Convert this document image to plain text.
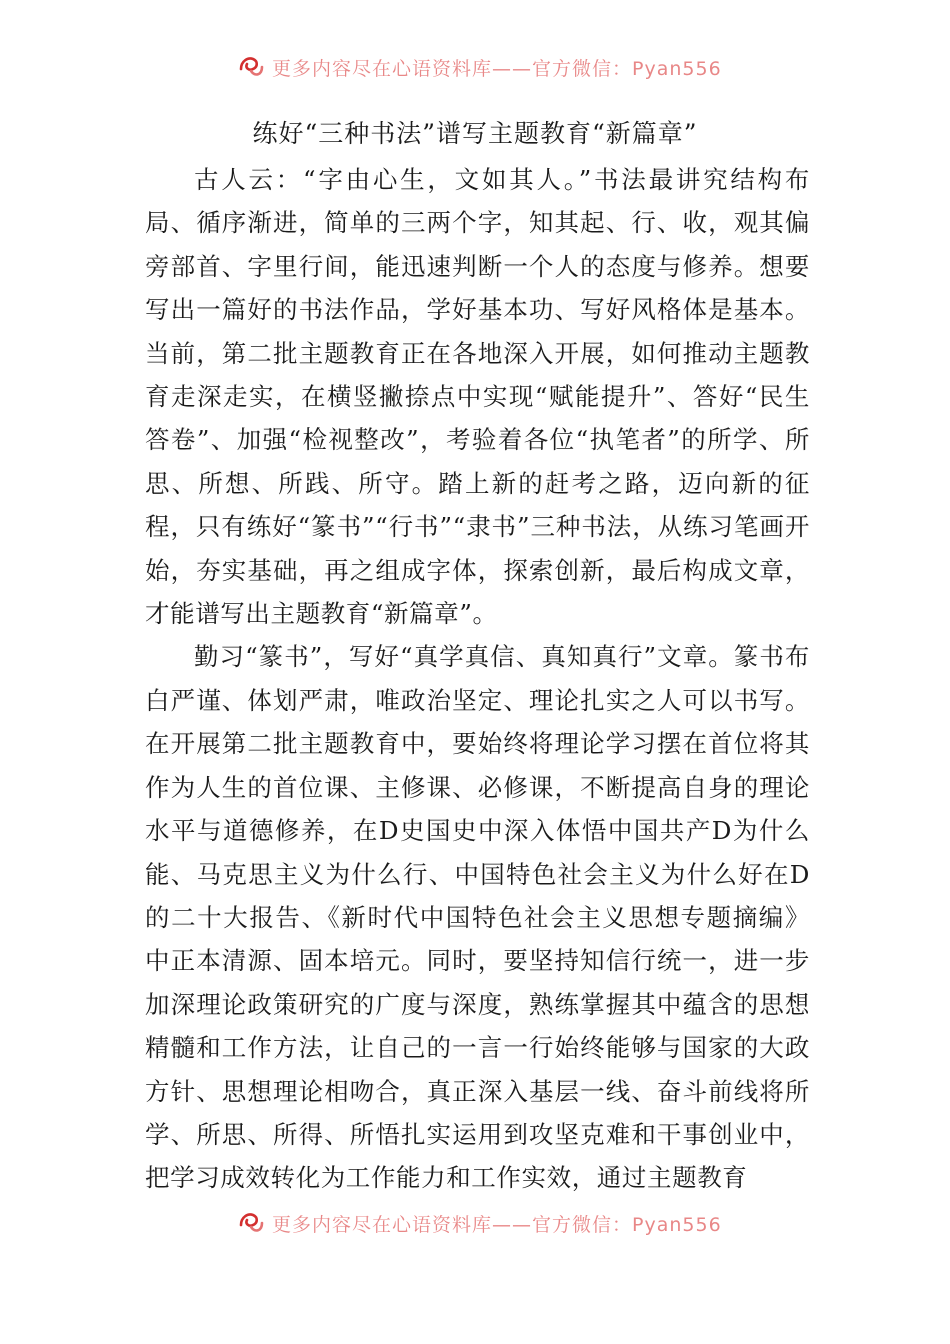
更多内容尽在心语资料库——官方微信：Pyan556
练好“三种书法”谱写主题教育“新篇章”

古人云：“字由心生，文如其人。”书法最讲究结构布局、循序渐进，简单的三两个字，知其起、行、收，观其偏旁部首、字里行间，能迅速判断一个人的态度与修养。想要写出一篇好的书法作品，学好基本功、写好风格体是基本。当前，第二批主题教育正在各地深入开展，如何推动主题教育走深走实，在横竖撇捺点中实现“赋能提升”、答好“民生答卷”、加强“检视整改”，考验着各位“执笔者”的所学、所思、所想、所践、所守。踏上新的赶考之路，迈向新的征程，只有练好“篆书”“行书”“隶书”三种书法，从练习笔画开始，夯实基础，再之组成字体，探索创新，最后构成文章，才能谱写出主题教育“新篇章”。

勤习“篆书”，写好“真学真信、真知真行”文章。篆书布白严谨、体划严肃，唯政治坚定、理论扎实之人可以书写。在开展第二批主题教育中，要始终将理论学习摆在首位将其作为人生的首位课、主修课、必修课，不断提高自身的理论水平与道德修养，在D史国史中深入体悟中国共产D为什么能、马克思主义为什么行、中国特色社会主义为什么好在D的二十大报告、《新时代中国特色社会主义思想专题摘编》中正本清源、固本培元。同时，要坚持知信行统一，进一步加深理论政策研究的广度与深度，熟练掌握其中蕴含的思想精髓和工作方法，让自己的一言一行始终能够与国家的大政方针、思想理论相吻合，真正深入基层一线、奋斗前线将所学、所思、所得、所悟扎实运用到攻坚克难和干事创业中，把学习成效转化为工作能力和工作实效，通过主题教育

更多内容尽在心语资料库——官方微信：Pyan556
